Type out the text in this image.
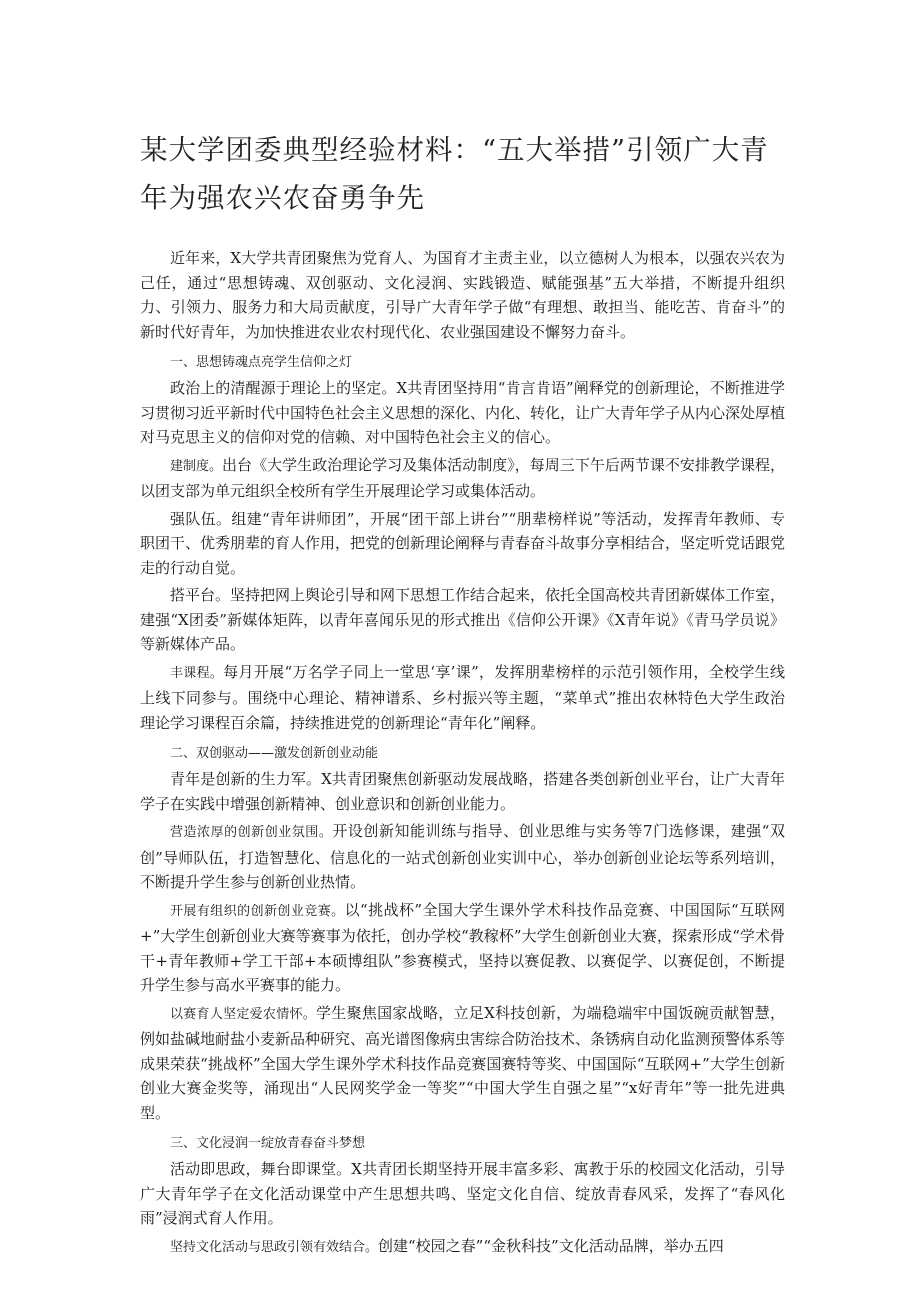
某大学团委典型经验材料：“五大举措”引领广大青年为强农兴农奋勇争先

近年来，X大学共青团聚焦为党育人、为国育才主责主业，以立德树人为根本，以强农兴农为己任，通过“思想铸魂、双创驱动、文化浸润、实践锻造、赋能强基”五大举措，不断提升组织力、引领力、服务力和大局贡献度，引导广大青年学子做“有理想、敢担当、能吃苦、肯奋斗”的新时代好青年，为加快推进农业农村现代化、农业强国建设不懈努力奋斗。

一、思想铸魂点亮学生信仰之灯

政治上的清醒源于理论上的坚定。X共青团坚持用“肯言肯语”阐释党的创新理论，不断推进学习贯彻习近平新时代中国特色社会主义思想的深化、内化、转化，让广大青年学子从内心深处厚植对马克思主义的信仰对党的信赖、对中国特色社会主义的信心。

建制度。出台《大学生政治理论学习及集体活动制度》，每周三下午后两节课不安排教学课程，以团支部为单元组织全校所有学生开展理论学习或集体活动。

强队伍。组建“青年讲师团”，开展“团干部上讲台”“朋辈榜样说”等活动，发挥青年教师、专职团干、优秀朋辈的育人作用，把党的创新理论阐释与青春奋斗故事分享相结合，坚定听党话跟党走的行动自觉。

搭平台。坚持把网上舆论引导和网下思想工作结合起来，依托全国高校共青团新媒体工作室，建强“X团委”新媒体矩阵，以青年喜闻乐见的形式推出《信仰公开课》《X青年说》《青马学员说》等新媒体产品。

丰课程。每月开展“万名学子同上一堂思‘享’课”，发挥朋辈榜样的示范引领作用，全校学生线上线下同参与。围绕中心理论、精神谱系、乡村振兴等主题，“菜单式”推出农林特色大学生政治理论学习课程百余篇，持续推进党的创新理论“青年化”阐释。

二、双创驱动——激发创新创业动能

青年是创新的生力军。X共青团聚焦创新驱动发展战略，搭建各类创新创业平台，让广大青年学子在实践中增强创新精神、创业意识和创新创业能力。

营造浓厚的创新创业氛围。开设创新知能训练与指导、创业思维与实务等7门选修课，建强“双创”导师队伍，打造智慧化、信息化的一站式创新创业实训中心，举办创新创业论坛等系列培训，不断提升学生参与创新创业热情。

开展有组织的创新创业竞赛。以“挑战杯”全国大学生课外学术科技作品竞赛、中国国际“互联网+”大学生创新创业大赛等赛事为依托，创办学校“教稼杯”大学生创新创业大赛，探索形成“学术骨干+青年教师+学工干部+本硕博组队”参赛模式，坚持以赛促教、以赛促学、以赛促创，不断提升学生参与高水平赛事的能力。

以赛育人坚定爱农情怀。学生聚焦国家战略，立足X科技创新，为端稳端牢中国饭碗贡献智慧，例如盐碱地耐盐小麦新品种研究、高光谱图像病虫害综合防治技术、条锈病自动化监测预警体系等成果荣获“挑战杯”全国大学生课外学术科技作品竞赛国赛特等奖、中国国际“互联网+”大学生创新创业大赛金奖等，涌现出“人民网奖学金一等奖”“中国大学生自强之星”“x好青年”等一批先进典型。

三、文化浸润一绽放青春奋斗梦想

活动即思政，舞台即课堂。X共青团长期坚持开展丰富多彩、寓教于乐的校园文化活动，引导广大青年学子在文化活动课堂中产生思想共鸣、坚定文化自信、绽放青春风采，发挥了“春风化雨”浸润式育人作用。

坚持文化活动与思政引领有效结合。创建“校园之春”“金秋科技”文化活动品牌，举办五四
